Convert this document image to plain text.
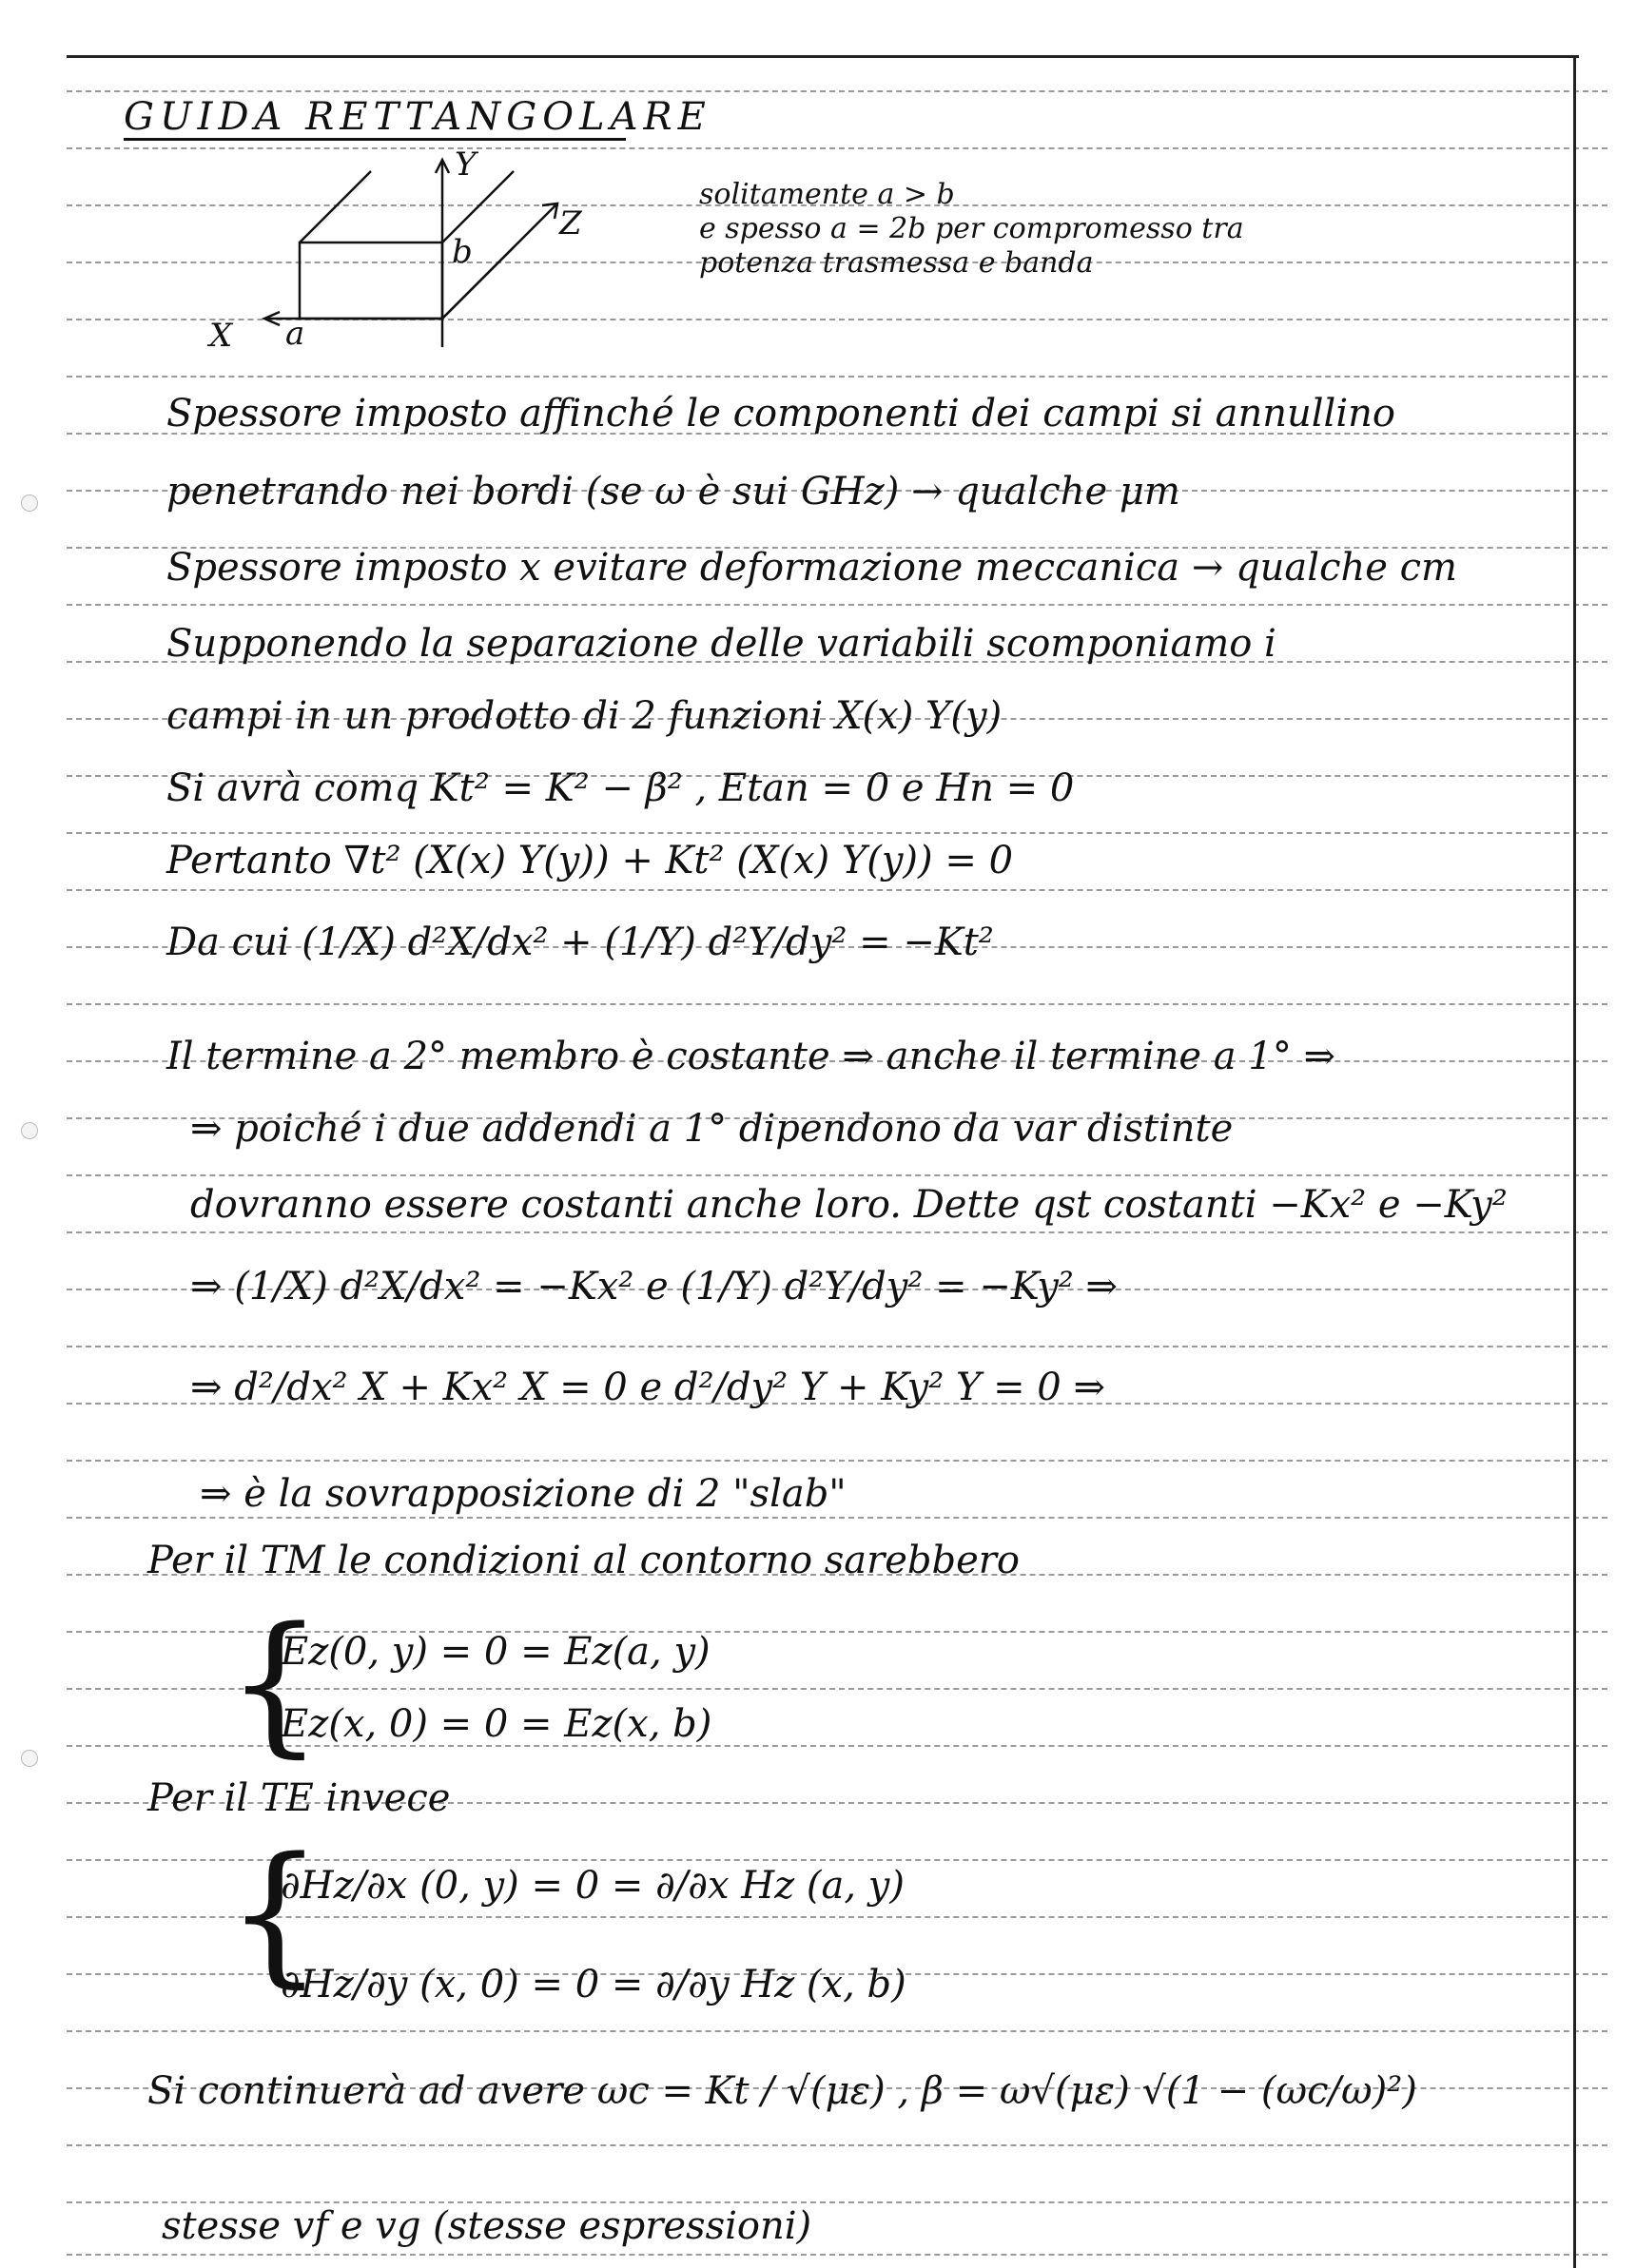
GUIDA RETTANGOLARE
Y
Z
X a
b
solitamente a > b
e spesso a = 2b per compromesso tra
potenza trasmessa e banda
Spessore imposto affinché le componenti dei campi si annullino
penetrando nei bordi (se ω è sui GHz) → qualche μm
Spessore imposto x evitare deformazione meccanica → qualche cm
Supponendo la separazione delle variabili scomponiamo i
campi in un prodotto di 2 funzioni X(x) Y(y)
Si avrà comq Kt² = K² − β² , Etan = 0 e Hn = 0
Pertanto ∇t² (X(x) Y(y)) + Kt² (X(x) Y(y)) = 0
Da cui (1/X) d²X/dx² + (1/Y) d²Y/dy² = −Kt²
Il termine a 2° membro è costante ⇒ anche il termine a 1° ⇒
⇒ poiché i due addendi a 1° dipendono da var distinte
dovranno essere costanti anche loro. Dette qst costanti −Kx² e −Ky²
⇒ (1/X) d²X/dx² = −Kx² e (1/Y) d²Y/dy² = −Ky² ⇒
⇒ d²/dx² X + Kx² X = 0 e d²/dy² Y + Ky² Y = 0 ⇒
⇒ è la sovrapposizione di 2 "slab"
Per il TM le condizioni al contorno sarebbero
{
Ez(0, y) = 0 = Ez(a, y)
Ez(x, 0) = 0 = Ez(x, b)
Per il TE invece
{
∂Hz/∂x (0, y) = 0 = ∂/∂x Hz (a, y)
∂Hz/∂y (x, 0) = 0 = ∂/∂y Hz (x, b)
Si continuerà ad avere ωc = Kt / √(με) , β = ω√(με) √(1 − (ωc/ω)²)
stesse vf e vg (stesse espressioni)
